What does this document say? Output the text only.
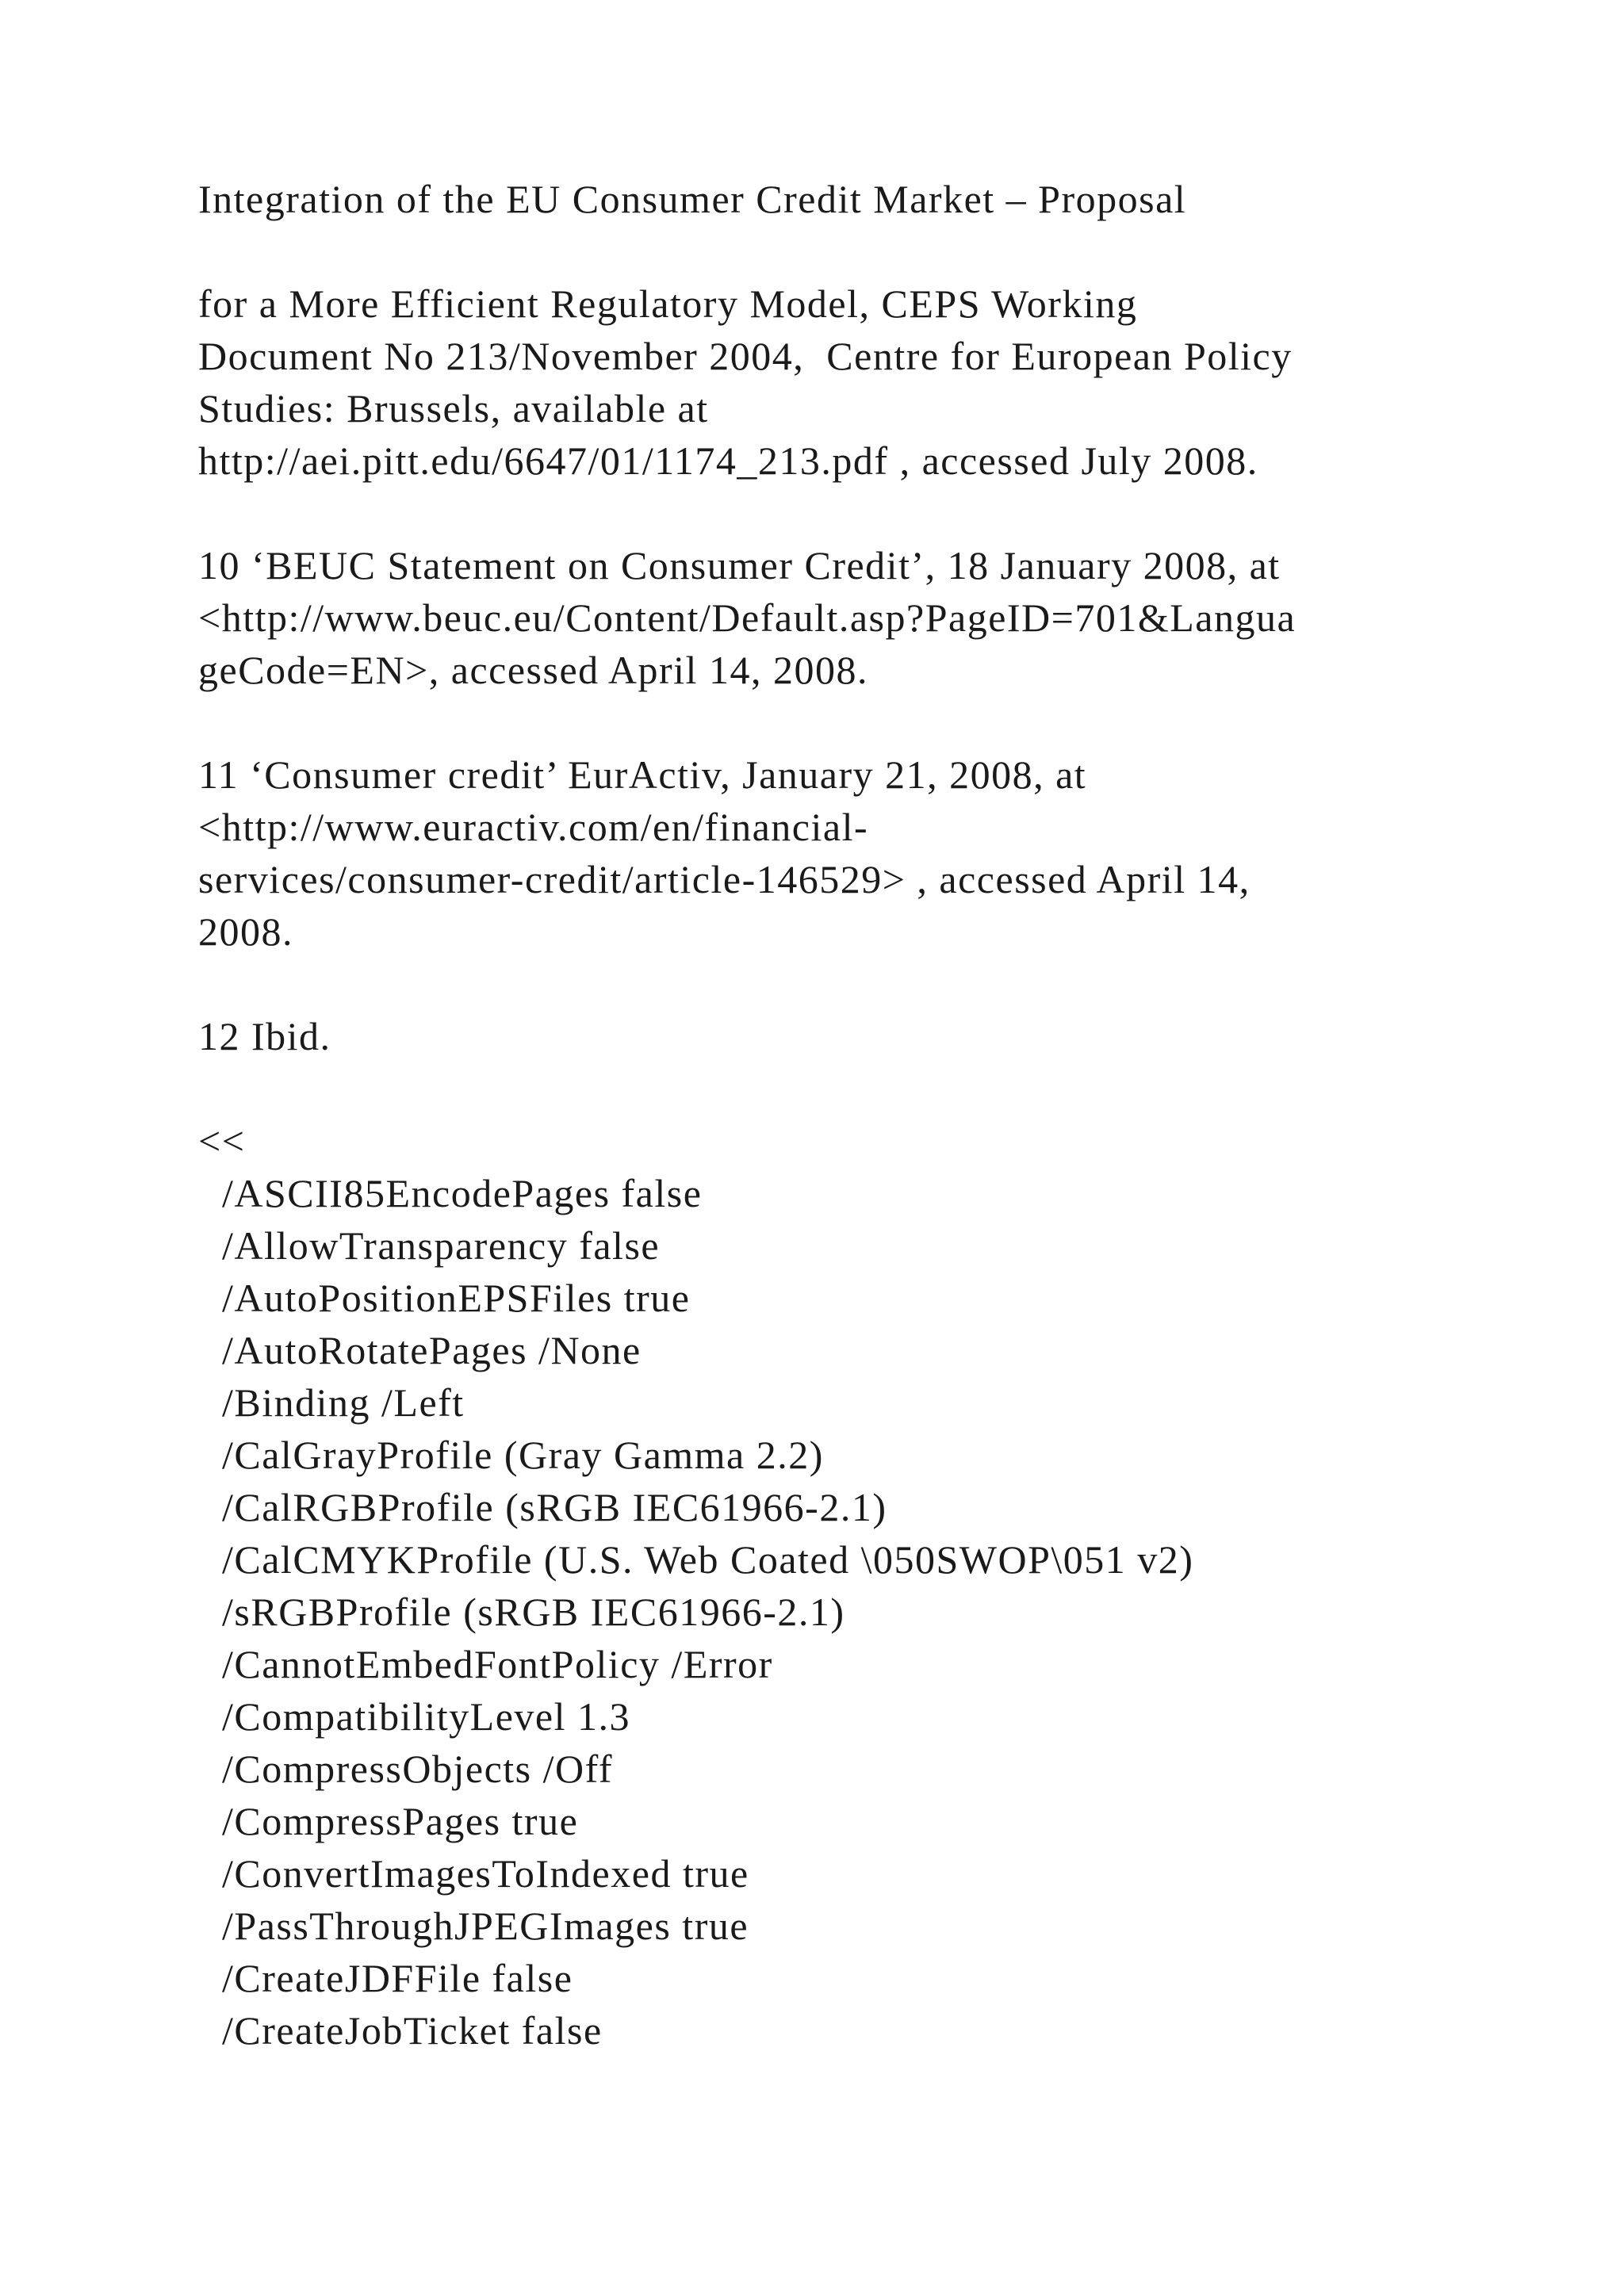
Integration of the EU Consumer Credit Market – Proposal
for a More Efficient Regulatory Model, CEPS Working
Document No 213/November 2004,  Centre for European Policy
Studies: Brussels, available at
http://aei.pitt.edu/6647/01/1174_213.pdf , accessed July 2008.
10 ‘BEUC Statement on Consumer Credit’, 18 January 2008, at
<http://www.beuc.eu/Content/Default.asp?PageID=701&Langua
geCode=EN>, accessed April 14, 2008.
11 ‘Consumer credit’ EurActiv, January 21, 2008, at
<http://www.euractiv.com/en/financial-
services/consumer-credit/article-146529> , accessed April 14,
2008.
12 Ibid.
<<
/ASCII85EncodePages false
/AllowTransparency false
/AutoPositionEPSFiles true
/AutoRotatePages /None
/Binding /Left
/CalGrayProfile (Gray Gamma 2.2)
/CalRGBProfile (sRGB IEC61966-2.1)
/CalCMYKProfile (U.S. Web Coated \050SWOP\051 v2)
/sRGBProfile (sRGB IEC61966-2.1)
/CannotEmbedFontPolicy /Error
/CompatibilityLevel 1.3
/CompressObjects /Off
/CompressPages true
/ConvertImagesToIndexed true
/PassThroughJPEGImages true
/CreateJDFFile false
/CreateJobTicket false
